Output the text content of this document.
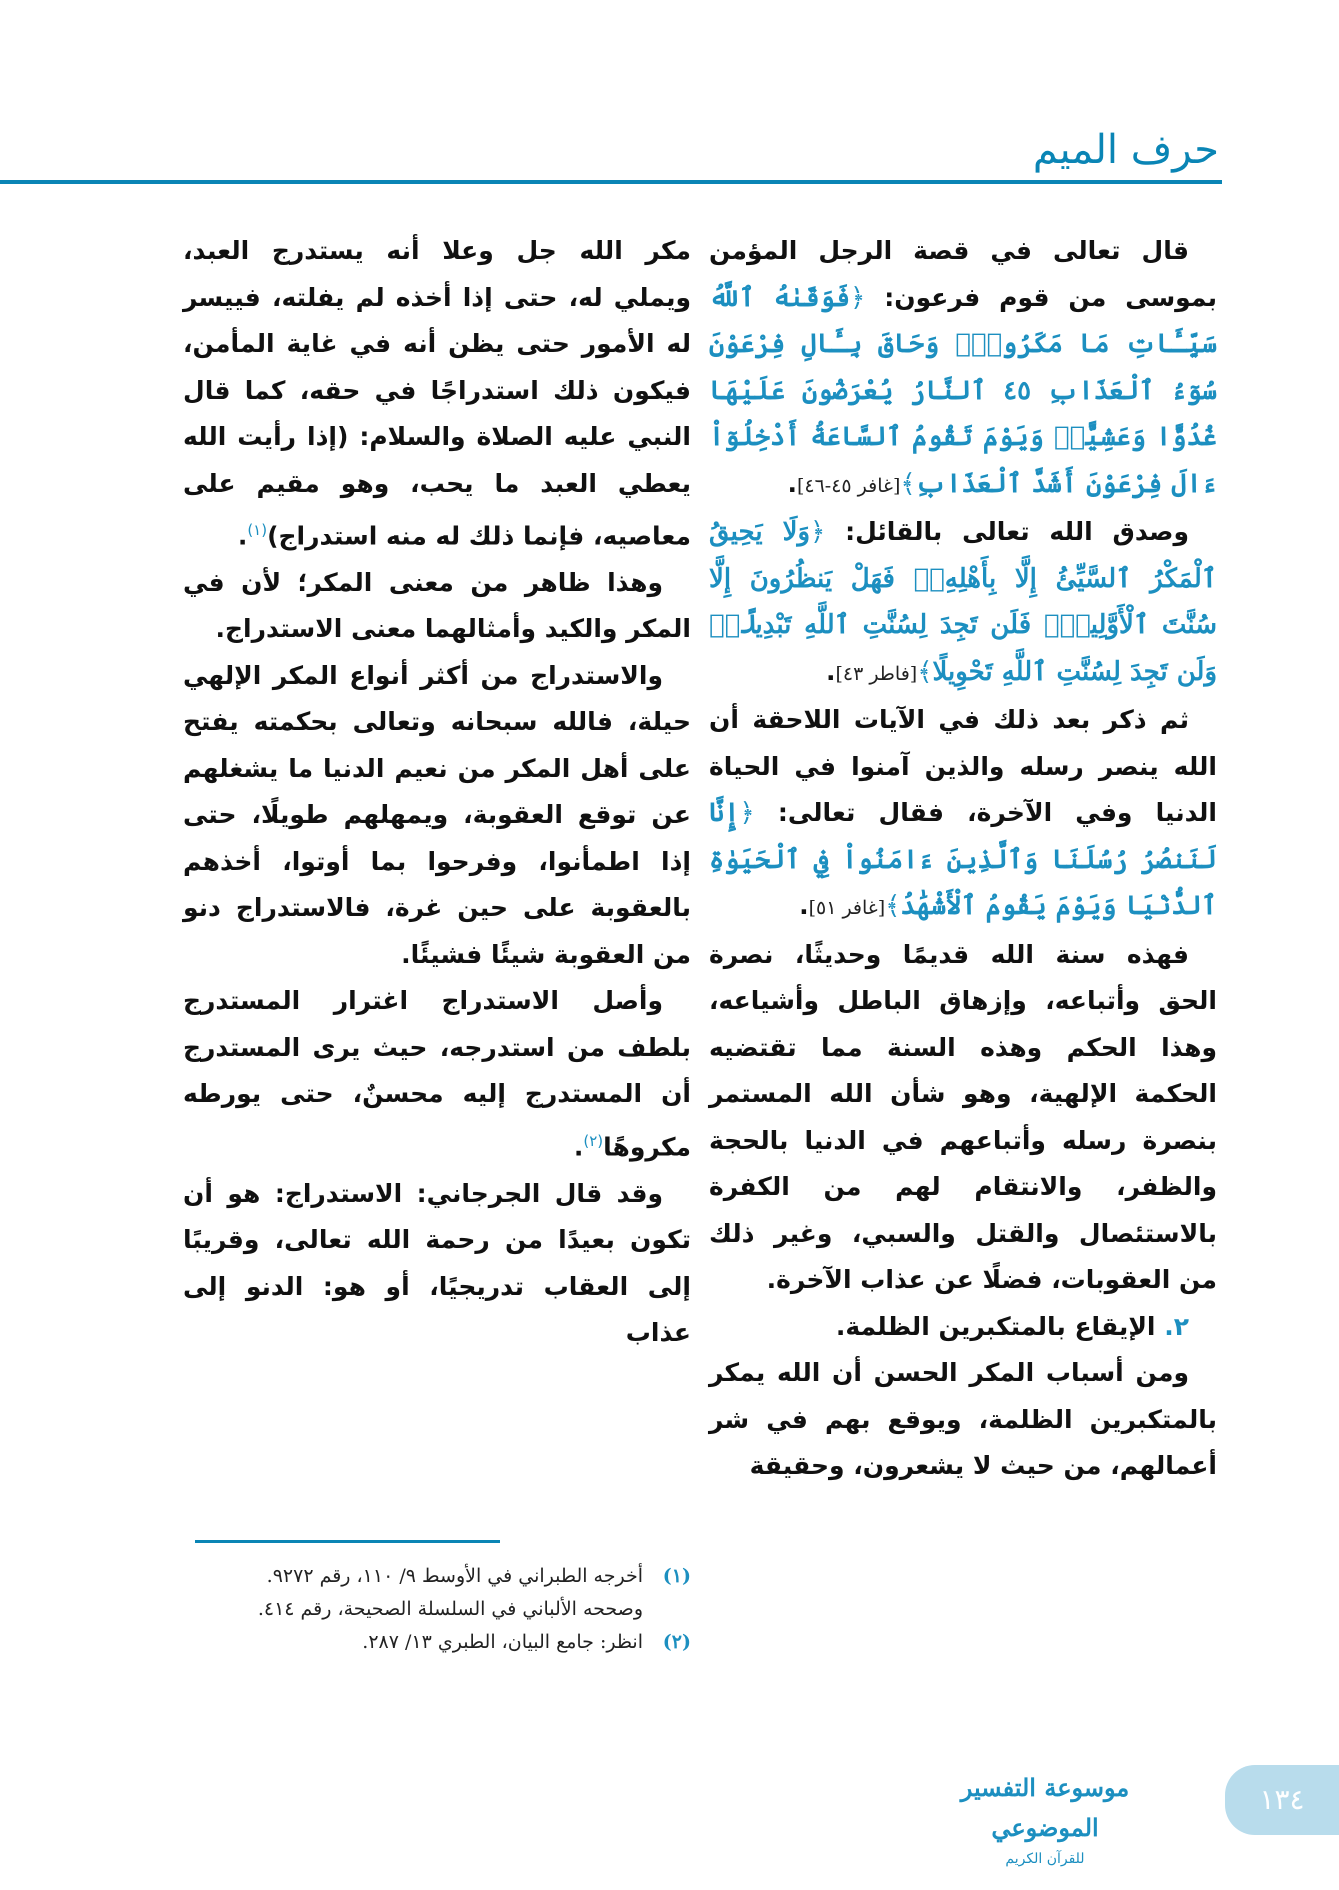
حرف الميم

قال تعالى في قصة الرجل المؤمن بموسى من قوم فرعون: ﴿فَوَقَىٰهُ ٱللَّهُ سَيِّـَٔاتِ مَا مَكَرُواْۖ وَحَاقَ بِـَٔالِ فِرْعَوْنَ سُوٓءُ ٱلْعَذَابِ ٤٥ ٱلنَّارُ يُعْرَضُونَ عَلَيْهَا غُدُوًّا وَعَشِيًّاۚ وَيَوْمَ تَقُومُ ٱلسَّاعَةُ أَدْخِلُوٓاْ ءَالَ فِرْعَوْنَ أَشَدَّ ٱلْعَذَابِ﴾[غافر ٤٥-٤٦].

وصدق الله تعالى بالقائل: ﴿وَلَا يَحِيقُ ٱلْمَكْرُ ٱلسَّيِّئُ إِلَّا بِأَهْلِهِۦۚ فَهَلْ يَنظُرُونَ إِلَّا سُنَّتَ ٱلْأَوَّلِينَۚ فَلَن تَجِدَ لِسُنَّتِ ٱللَّهِ تَبْدِيلًاۖ وَلَن تَجِدَ لِسُنَّتِ ٱللَّهِ تَحْوِيلًا﴾[فاطر ٤٣].

ثم ذكر بعد ذلك في الآيات اللاحقة أن الله ينصر رسله والذين آمنوا في الحياة الدنيا وفي الآخرة، فقال تعالى: ﴿إِنَّا لَنَنصُرُ رُسُلَنَا وَٱلَّذِينَ ءَامَنُواْ فِي ٱلْحَيَوٰةِ ٱلدُّنْيَا وَيَوْمَ يَقُومُ ٱلْأَشْهَٰدُ﴾[غافر ٥١].

فهذه سنة الله قديمًا وحديثًا، نصرة الحق وأتباعه، وإزهاق الباطل وأشياعه، وهذا الحكم وهذه السنة مما تقتضيه الحكمة الإلهية، وهو شأن الله المستمر بنصرة رسله وأتباعهم في الدنيا بالحجة والظفر، والانتقام لهم من الكفرة بالاستئصال والقتل والسبي، وغير ذلك من العقوبات، فضلًا عن عذاب الآخرة.

٢. الإيقاع بالمتكبرين الظلمة.

ومن أسباب المكر الحسن أن الله يمكر بالمتكبرين الظلمة، ويوقع بهم في شر أعمالهم، من حيث لا يشعرون، وحقيقة

مكر الله جل وعلا أنه يستدرج العبد، ويملي له، حتى إذا أخذه لم يفلته، فييسر له الأمور حتى يظن أنه في غاية المأمن، فيكون ذلك استدراجًا في حقه، كما قال النبي عليه الصلاة والسلام: (إذا رأيت الله يعطي العبد ما يحب، وهو مقيم على معاصيه، فإنما ذلك له منه استدراج)$^{(١)}$.

وهذا ظاهر من معنى المكر؛ لأن في المكر والكيد وأمثالهما معنى الاستدراج.

والاستدراج من أكثر أنواع المكر الإلهي حيلة، فالله سبحانه وتعالى بحكمته يفتح على أهل المكر من نعيم الدنيا ما يشغلهم عن توقع العقوبة، ويمهلهم طويلًا، حتى إذا اطمأنوا، وفرحوا بما أوتوا، أخذهم بالعقوبة على حين غرة، فالاستدراج دنو من العقوبة شيئًا فشيئًا.

وأصل الاستدراج اغترار المستدرج بلطف من استدرجه، حيث يرى المستدرج أن المستدرج إليه محسنٌ، حتى يورطه مكروهًا$^{(٢)}$.

وقد قال الجرجاني: الاستدراج: هو أن تكون بعيدًا من رحمة الله تعالى، وقريبًا إلى العقاب تدريجيًا، أو هو: الدنو إلى عذاب

(١)
أخرجه الطبراني في الأوسط ٩/ ١١٠، رقم ٩٢٧٢.

وصححه الألباني في السلسلة الصحيحة، رقم ٤١٤.

(٢)
انظر: جامع البيان، الطبري ١٣/ ٢٨٧.

موسوعة التفسير الموضوعي
للقرآن الكريم
١٣٤
